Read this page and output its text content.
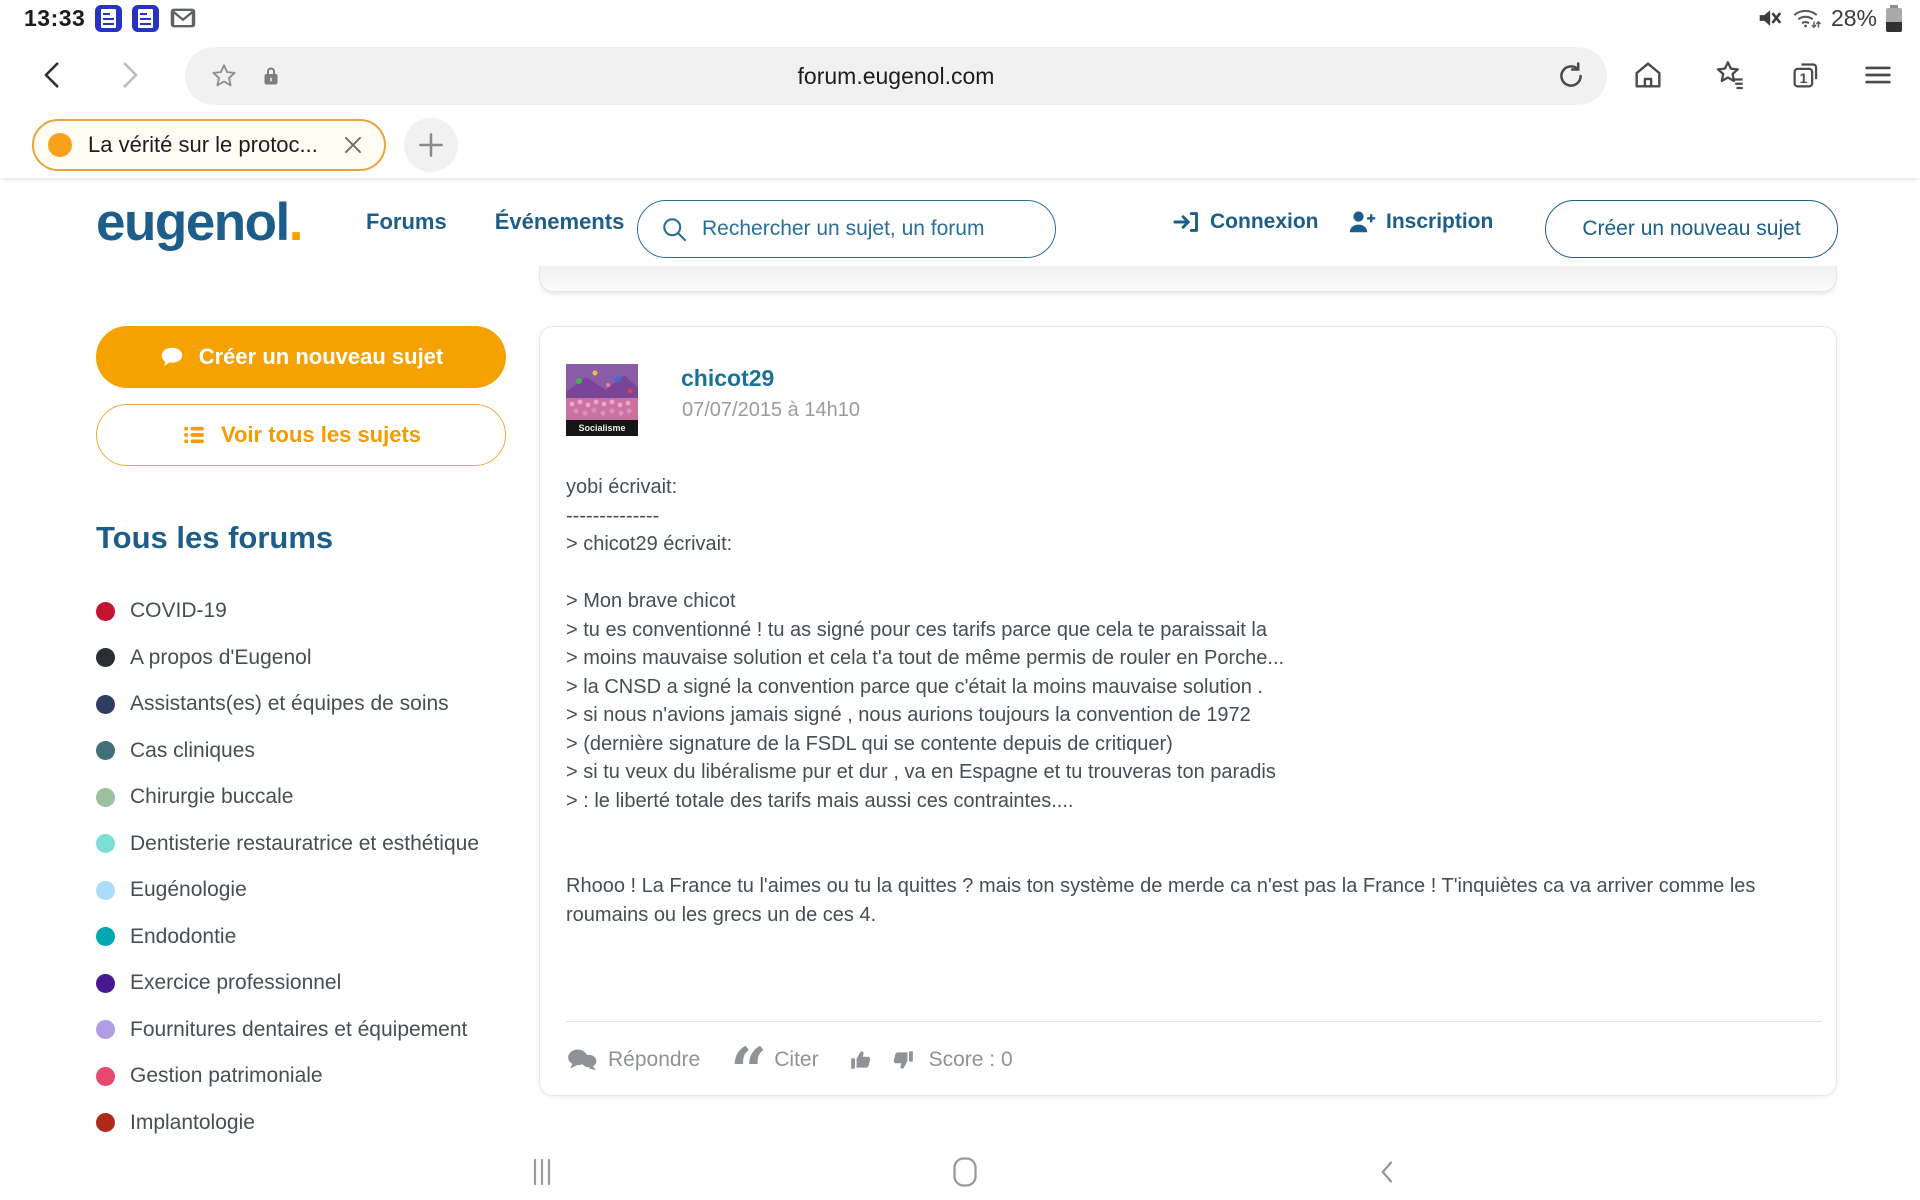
13:33	28%
forum.eugenol.com	1
La vérité sur le protoc...
eugenol.	Forums Événements
Rechercher un sujet, un forum	Connexion	Inscription	Créer un nouveau sujet
Créer un nouveau sujet
Voir tous les sujets
Tous les forums
COVID-19
A propos d'Eugenol
Assistants(es) et équipes de soins
Cas cliniques
Chirurgie buccale
Dentisterie restauratrice et esthétique
Eugénologie
Endodontie
Exercice professionnel
Fournitures dentaires et équipement
Gestion patrimoniale
Implantologie
Socialisme
chicot29
07/07/2015 à 14h10
yobi écrivait:
--------------
> chicot29 écrivait:
> Mon brave chicot
> tu es conventionné ! tu as signé pour ces tarifs parce que cela te paraissait la
> moins mauvaise solution et cela t'a tout de même permis de rouler en Porche...
> la CNSD a signé la convention parce que c'était la moins mauvaise solution .
> si nous n'avions jamais signé , nous aurions toujours la convention de 1972
> (dernière signature de la FSDL qui se contente depuis de critiquer)
> si tu veux du libéralisme pur et dur , va en Espagne et tu trouveras ton paradis
> : le liberté totale des tarifs mais aussi ces contraintes....
Rhooo ! La France tu l'aimes ou tu la quittes ? mais ton système de merde ca n'est pas la France ! T'inquiètes ca va arriver comme les roumains ou les grecs un de ces 4.
Répondre “ Citer	Score : 0
